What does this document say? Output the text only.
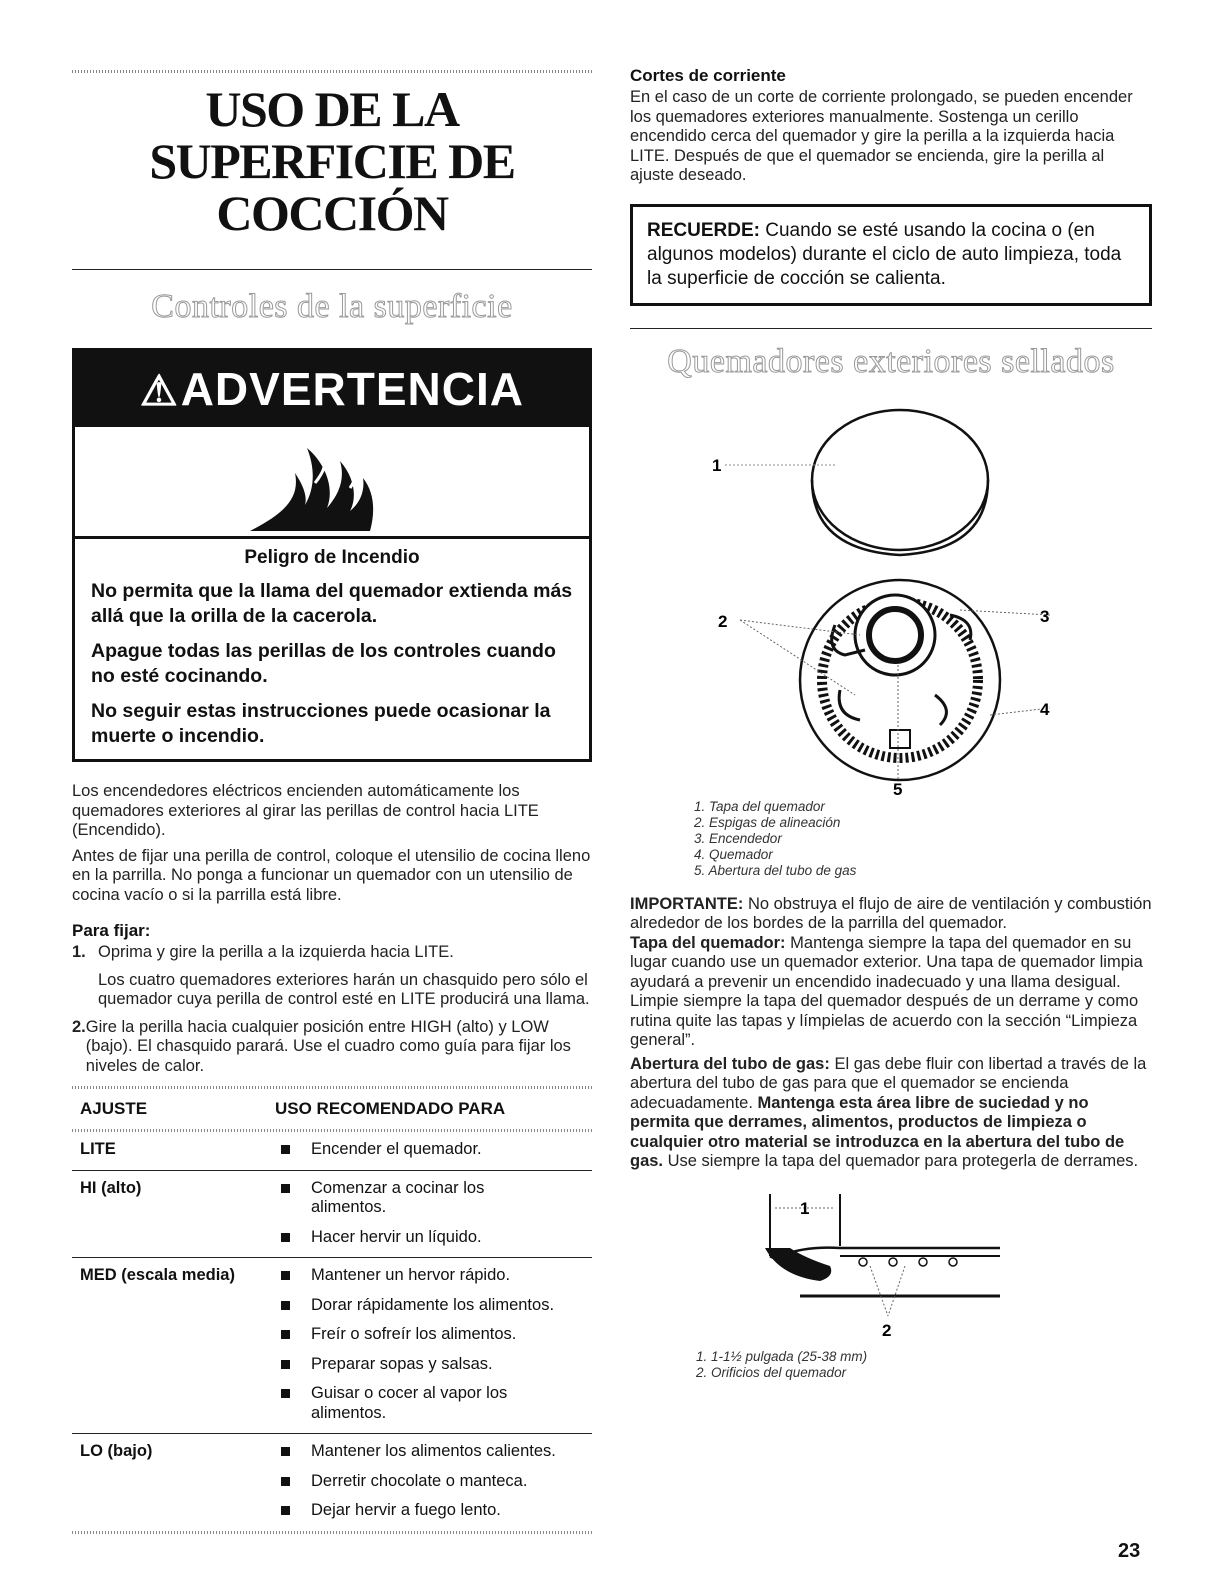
USO DE LA SUPERFICIE DE
COCCIÓN
Controles de la superficie
⚠ADVERTENCIA
Peligro de Incendio
No permita que la llama del quemador extienda más allá que la orilla de la cacerola.
Apague todas las perillas de los controles cuando no esté cocinando.
No seguir estas instrucciones puede ocasionar la muerte o incendio.

Los encendedores eléctricos encienden automáticamente los quemadores exteriores al girar las perillas de control hacia LITE (Encendido).

Antes de fijar una perilla de control, coloque el utensilio de cocina lleno en la parrilla. No ponga a funcionar un quemador con un utensilio de cocina vacío o si la parrilla está libre.

Para fijar:
1. Oprima y gire la perilla a la izquierda hacia LITE.

Los cuatro quemadores exteriores harán un chasquido pero sólo el quemador cuya perilla de control esté en LITE producirá una llama.

2. Gire la perilla hacia cualquier posición entre HIGH (alto) y LOW (bajo). El chasquido parará. Use el cuadro como guía para fijar los niveles de calor.
AJUSTE	USO RECOMENDADO PARA
LITE	Encender el quemador.
HI (alto)	Comenzar a cocinar los alimentos.
Hacer hervir un líquido.
MED (escala media)	Mantener un hervor rápido.
Dorar rápidamente los alimentos.
Freír o sofreír los alimentos.
Preparar sopas y salsas.
Guisar o cocer al vapor los alimentos.
LO (bajo)	Mantener los alimentos calientes.
Derretir chocolate o manteca.
Dejar hervir a fuego lento.
Cortes de corriente

En el caso de un corte de corriente prolongado, se pueden encender los quemadores exteriores manualmente. Sostenga un cerillo encendido cerca del quemador y gire la perilla a la izquierda hacia LITE. Después de que el quemador se encienda, gire la perilla al ajuste deseado.

RECUERDE: Cuando se esté usando la cocina o (en algunos modelos) durante el ciclo de auto limpieza, toda la superficie de cocción se calienta.
Quemadores exteriores sellados
1
2	3
4
5
1. Tapa del quemador
2. Espigas de alineación
3. Encendedor
4. Quemador
5. Abertura del tubo de gas

IMPORTANTE: No obstruya el flujo de aire de ventilación y combustión alrededor de los bordes de la parrilla del quemador.

Tapa del quemador: Mantenga siempre la tapa del quemador en su lugar cuando use un quemador exterior. Una tapa de quemador limpia ayudará a prevenir un encendido inadecuado y una llama desigual. Limpie siempre la tapa del quemador después de un derrame y como rutina quite las tapas y límpielas de acuerdo con la sección “Limpieza general”.

Abertura del tubo de gas: El gas debe fluir con libertad a través de la abertura del tubo de gas para que el quemador se encienda adecuadamente. Mantenga esta área libre de suciedad y no permita que derrames, alimentos, productos de limpieza o cualquier otro material se introduzca en la abertura del tubo de gas. Use siempre la tapa del quemador para protegerla de derrames.

1
2
1. 1-1½ pulgada (25-38 mm)
2. Orificios del quemador
23
